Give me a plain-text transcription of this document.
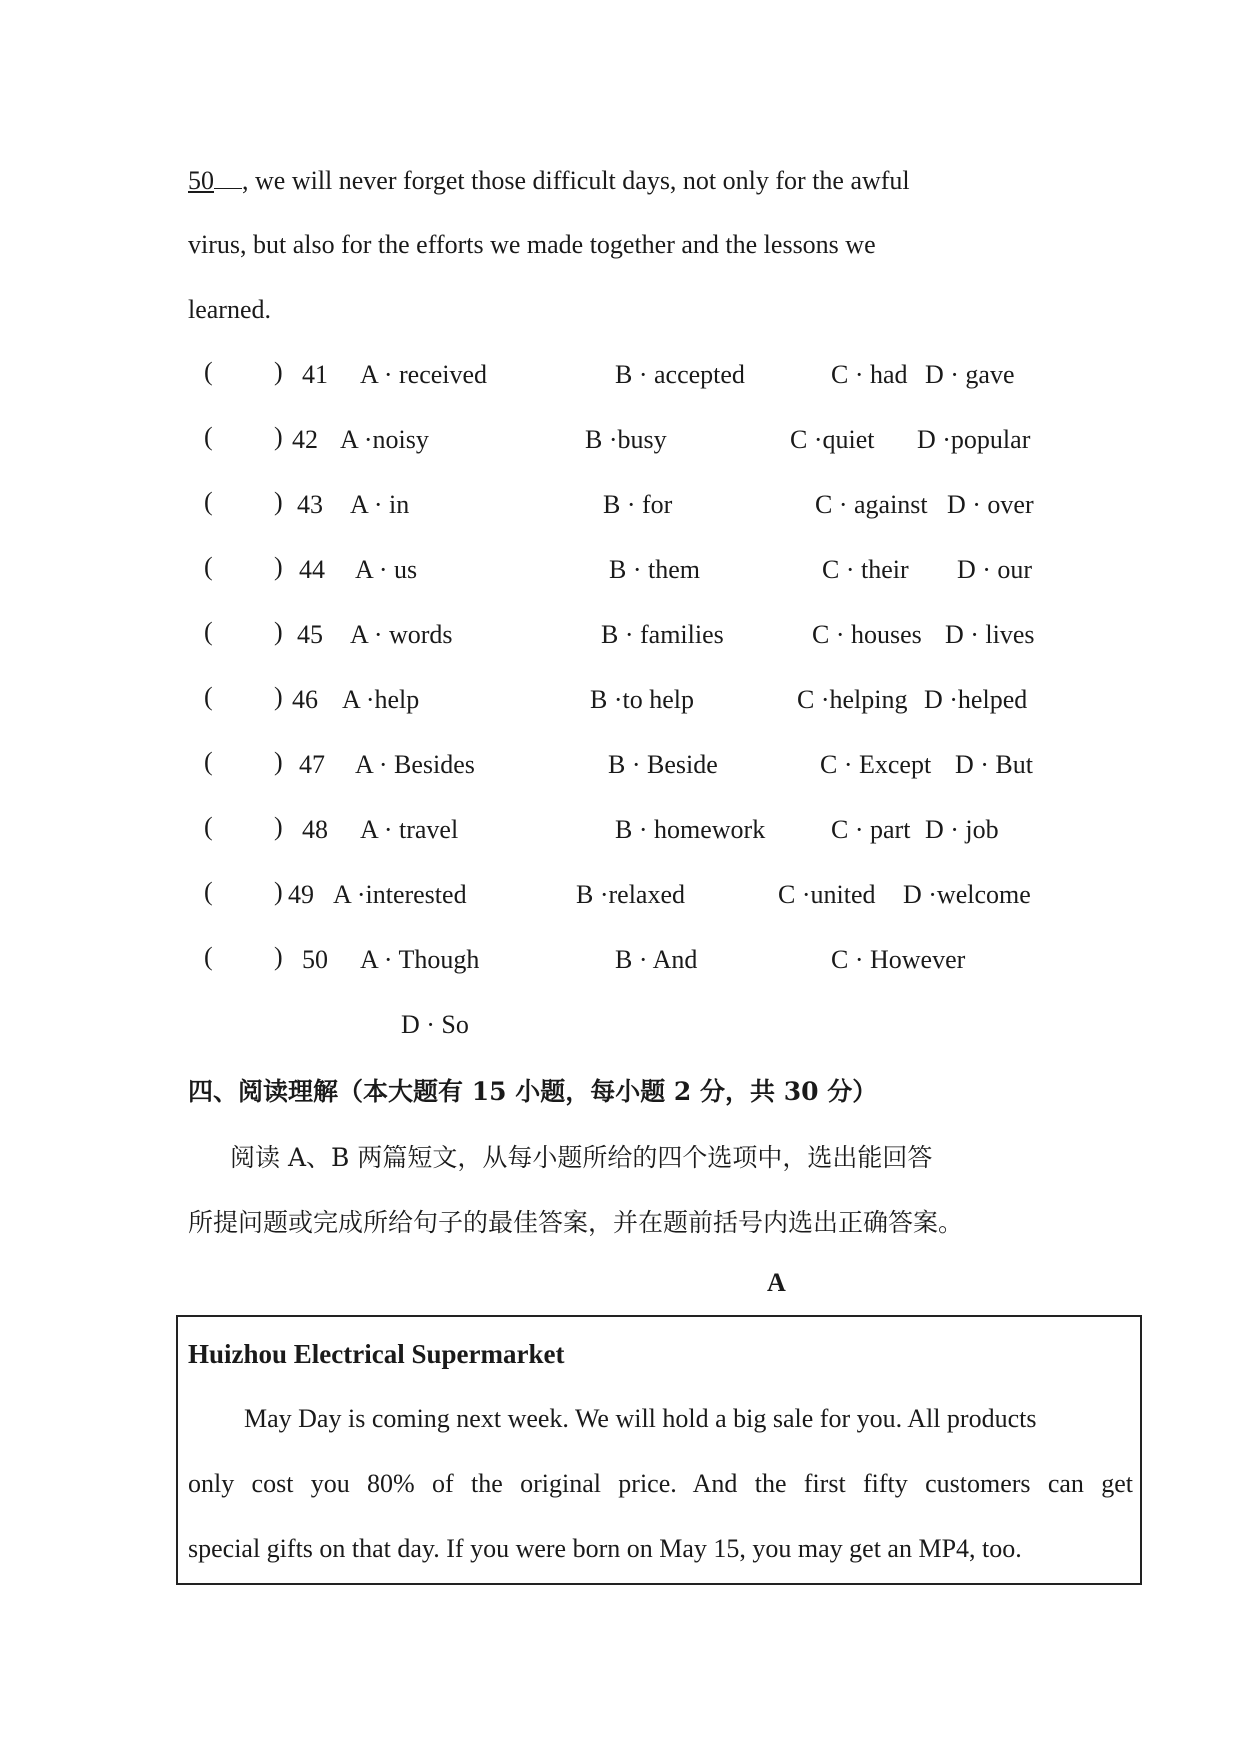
50 , we will never forget those difficult days, not only for the awful
virus, but also for the efforts we made together and the lessons we
learned.
( ) 41 A · received	B · accepted	C · had D · gave
( ) 42 A ·noisy	B ·busy	C ·quiet D ·popular
( ) 43 A · in	B · for	C · against D · over
( ) 44 A · us	B · them	C · their D · our
( ) 45 A · words	B · families	C · houses D · lives
( ) 46 A ·help	B ·to help	C ·helping D ·helped
( ) 47 A · Besides	B · Beside	C · Except D · But
( ) 48 A · travel	B · homework	C · part D · job
( ) 49 A ·interested	B ·relaxed	C ·united D ·welcome
( ) 50 A · Though	B · And	C · However
D · So
四、阅读理解（本大题有 15 小题，每小题 2 分，共 30 分）
阅读 A、B 两篇短文，从每小题所给的四个选项中，选出能回答
所提问题或完成所给句子的最佳答案，并在题前括号内选出正确答案。
A
Huizhou Electrical Supermarket
May Day is coming next week. We will hold a big sale for you. All products
only cost you 80% of the original price. And the first fifty customers can get
special gifts on that day. If you were born on May 15, you may get an MP4, too.
